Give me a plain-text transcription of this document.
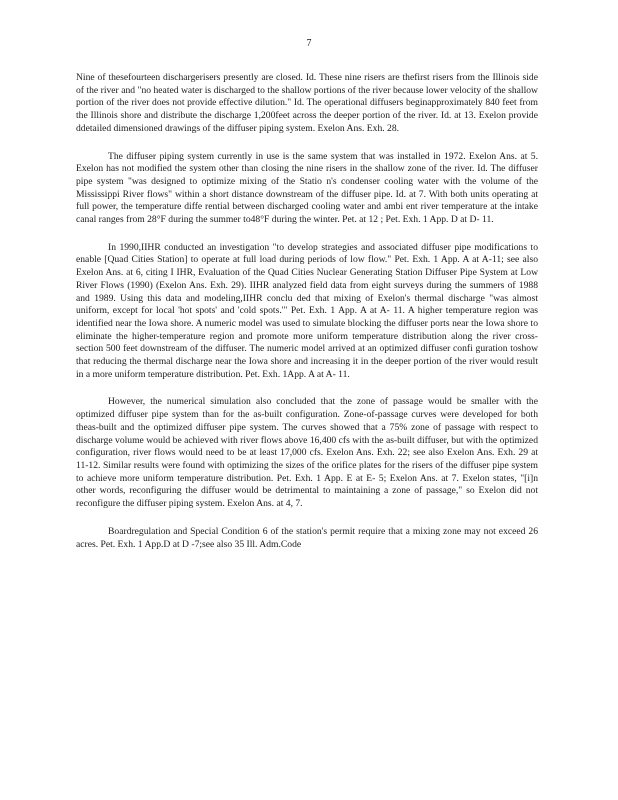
7

Nine of thesefourteen dischargerisers presently are closed. Id. These nine risers are thefirst risers from the Illinois side of the river and "no heated water is discharged to the shallow portions of the river because lower velocity of the shallow portion of the river does not provide effective dilution." Id. The operational diffusers beginapproximately 840 feet from the Illinois shore and distribute the discharge 1,200feet across the deeper portion of the river. Id. at 13. Exelon provide ddetailed dimensioned drawings of the diffuser piping system. Exelon Ans. Exh. 28.

The diffuser piping system currently in use is the same system that was installed in 1972. Exelon Ans. at 5. Exelon has not modified the system other than closing the nine risers in the shallow zone of the river. Id. The diffuser pipe system "was designed to optimize mixing of the Statio n's condenser cooling water with the volume of the Mississippi River flows" within a short distance downstream of the diffuser pipe. Id. at 7. With both units operating at full power, the temperature diffe rential between discharged cooling water and ambi ent river temperature at the intake canal ranges from 28°F during the summer to48°F during the winter. Pet. at 12 ; Pet. Exh. 1 App. D at D- 11.

In 1990,IIHR conducted an investigation "to develop strategies and associated diffuser pipe modifications to enable [Quad Cities Station] to operate at full load during periods of low flow." Pet. Exh. 1 App. A at A-11; see also Exelon Ans. at 6, citing I IHR, Evaluation of the Quad Cities Nuclear Generating Station Diffuser Pipe System at Low River Flows (1990) (Exelon Ans. Exh. 29). IIHR analyzed field data from eight surveys during the summers of 1988 and 1989. Using this data and modeling,IIHR conclu ded that mixing of Exelon's thermal discharge "was almost uniform, except for local 'hot spots' and 'cold spots.'" Pet. Exh. 1 App. A at A- 11. A higher temperature region was identified near the Iowa shore. A numeric model was used to simulate blocking the diffuser ports near the Iowa shore to eliminate the higher-temperature region and promote more uniform temperature distribution along the river cross-section 500 feet downstream of the diffuser. The numeric model arrived at an optimized diffuser confi guration toshow that reducing the thermal discharge near the Iowa shore and increasing it in the deeper portion of the river would result in a more uniform temperature distribution. Pet. Exh. 1App. A at A- 11.

However, the numerical simulation also concluded that the zone of passage would be smaller with the optimized diffuser pipe system than for the as-built configuration. Zone-of-passage curves were developed for both theas-built and the optimized diffuser pipe system. The curves showed that a 75% zone of passage with respect to discharge volume would be achieved with river flows above 16,400 cfs with the as-built diffuser, but with the optimized configuration, river flows would need to be at least 17,000 cfs. Exelon Ans. Exh. 22; see also Exelon Ans. Exh. 29 at 11-12. Similar results were found with optimizing the sizes of the orifice plates for the risers of the diffuser pipe system to achieve more uniform temperature distribution. Pet. Exh. 1 App. E at E- 5; Exelon Ans. at 7. Exelon states, "[i]n other words, reconfiguring the diffuser would be detrimental to maintaining a zone of passage," so Exelon did not reconfigure the diffuser piping system. Exelon Ans. at 4, 7.

Boardregulation and Special Condition 6 of the station's permit require that a mixing zone may not exceed 26 acres. Pet. Exh. 1 App.D at D -7;see also 35 Ill. Adm.Code
